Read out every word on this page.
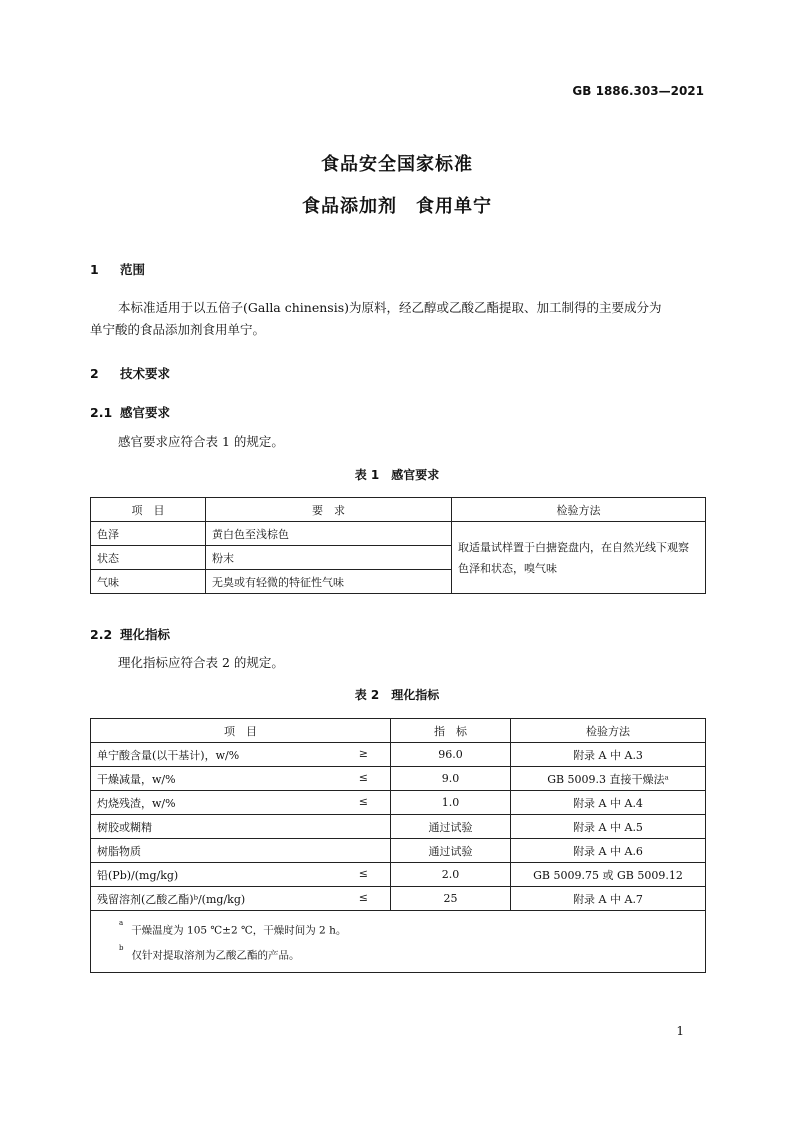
GB 1886.303—2021
食品安全国家标准
食品添加剂　食用单宁
1 范围

本标准适用于以五倍子(Galla chinensis)为原料，经乙醇或乙酸乙酯提取、加工制得的主要成分为

单宁酸的食品添加剂食用单宁。

2 技术要求
2.1 感官要求

感官要求应符合表 1 的规定。

表 1 感官要求
项　目	要　求	检验方法
色泽	黄白色至浅棕色	取适量试样置于白搪瓷盘内，在自然光线下观察色泽和状态，嗅气味
状态	粉末	
气味	无臭或有轻微的特征性气味	
2.2 理化指标

理化指标应符合表 2 的规定。

表 2 理化指标
项　目	指　标	检验方法
单宁酸含量(以干基计)，w/% ≥	96.0	附录 A 中 A.3
干燥减量，w/% ≤	9.0	GB 5009.3 直接干燥法ᵃ
灼烧残渣，w/% ≤	1.0	附录 A 中 A.4
树胶或糊精	通过试验	附录 A 中 A.5
树脂物质	通过试验	附录 A 中 A.6
铅(Pb)/(mg/kg) ≤	2.0	GB 5009.75 或 GB 5009.12
残留溶剂(乙酸乙酯)ᵇ/(mg/kg) ≤	25	附录 A 中 A.7

$^a$干燥温度为 105 ℃±2 ℃，干燥时间为 2 h。
$^b$仅针对提取溶剂为乙酸乙酯的产品。		
1
